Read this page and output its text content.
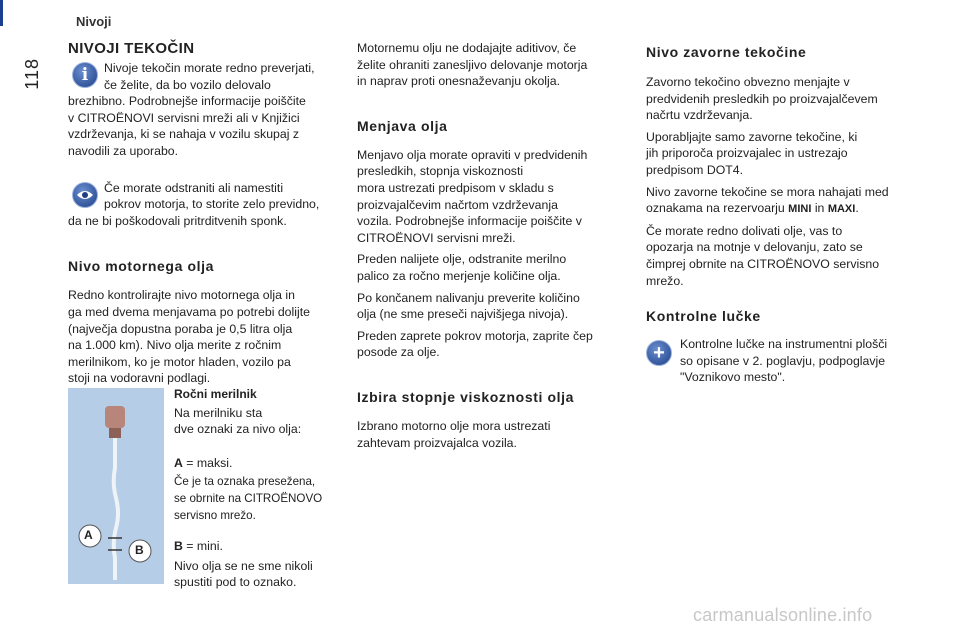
Nivoji
118
NIVOJI TEKOČIN
i	Nivoje tekočin morate redno preverjati,
če želite, da bo vozilo delovalo
brezhibno. Podrobnejše informacije poiščite
v CITROËNOVI servisni mreži ali v Knjižici
vzdrževanja, ki se nahaja v vozilu skupaj z
navodili za uporabo.
Če morate odstraniti ali namestiti
pokrov motorja, to storite zelo previdno,
da ne bi poškodovali pritrditvenih sponk.
Nivo motornega olja
Redno kontrolirajte nivo motornega olja in
ga med dvema menjavama po potrebi dolijte
(največja dopustna poraba je 0,5 litra olja
na 1.000 km). Nivo olja merite z ročnim
merilnikom, ko je motor hladen, vozilo pa
stoji na vodoravni podlagi.
A
B
Ročni merilnik
Na merilniku sta
dve oznaki za nivo olja:
A = maksi.
Če je ta oznaka presežena,
se obrnite na CITROËNOVO
servisno mrežo.
B = mini.
Nivo olja se ne sme nikoli
spustiti pod to oznako.
Motornemu olju ne dodajajte aditivov, če
želite ohraniti zanesljivo delovanje motorja
in naprav proti onesnaževanju okolja.
Menjava olja
Menjavo olja morate opraviti v predvidenih
presledkih, stopnja viskoznosti
mora ustrezati predpisom v skladu s
proizvajalčevim načrtom vzdrževanja
vozila. Podrobnejše informacije poiščite v
CITROËNOVI servisni mreži.
Preden nalijete olje, odstranite merilno
palico za ročno merjenje količine olja.
Po končanem nalivanju preverite količino
olja (ne sme preseči najvišjega nivoja).
Preden zaprete pokrov motorja, zaprite čep
posode za olje.
Izbira stopnje viskoznosti olja
Izbrano motorno olje mora ustrezati
zahtevam proizvajalca vozila.
Nivo zavorne tekočine
Zavorno tekočino obvezno menjajte v
predvidenih presledkih po proizvajalčevem
načrtu vzdrževanja.
Uporabljajte samo zavorne tekočine, ki
jih priporoča proizvajalec in ustrezajo
predpisom DOT4.
Nivo zavorne tekočine se mora nahajati med
oznakama na rezervoarju MINI in MAXI.
Če morate redno dolivati olje, vas to
opozarja na motnje v delovanju, zato se
čimprej obrnite na CITROËNOVO servisno
mrežo.
Kontrolne lučke
+	Kontrolne lučke na instrumentni plošči
so opisane v 2. poglavju, podpoglavje
"Voznikovo mesto".
carmanualsonline.info
